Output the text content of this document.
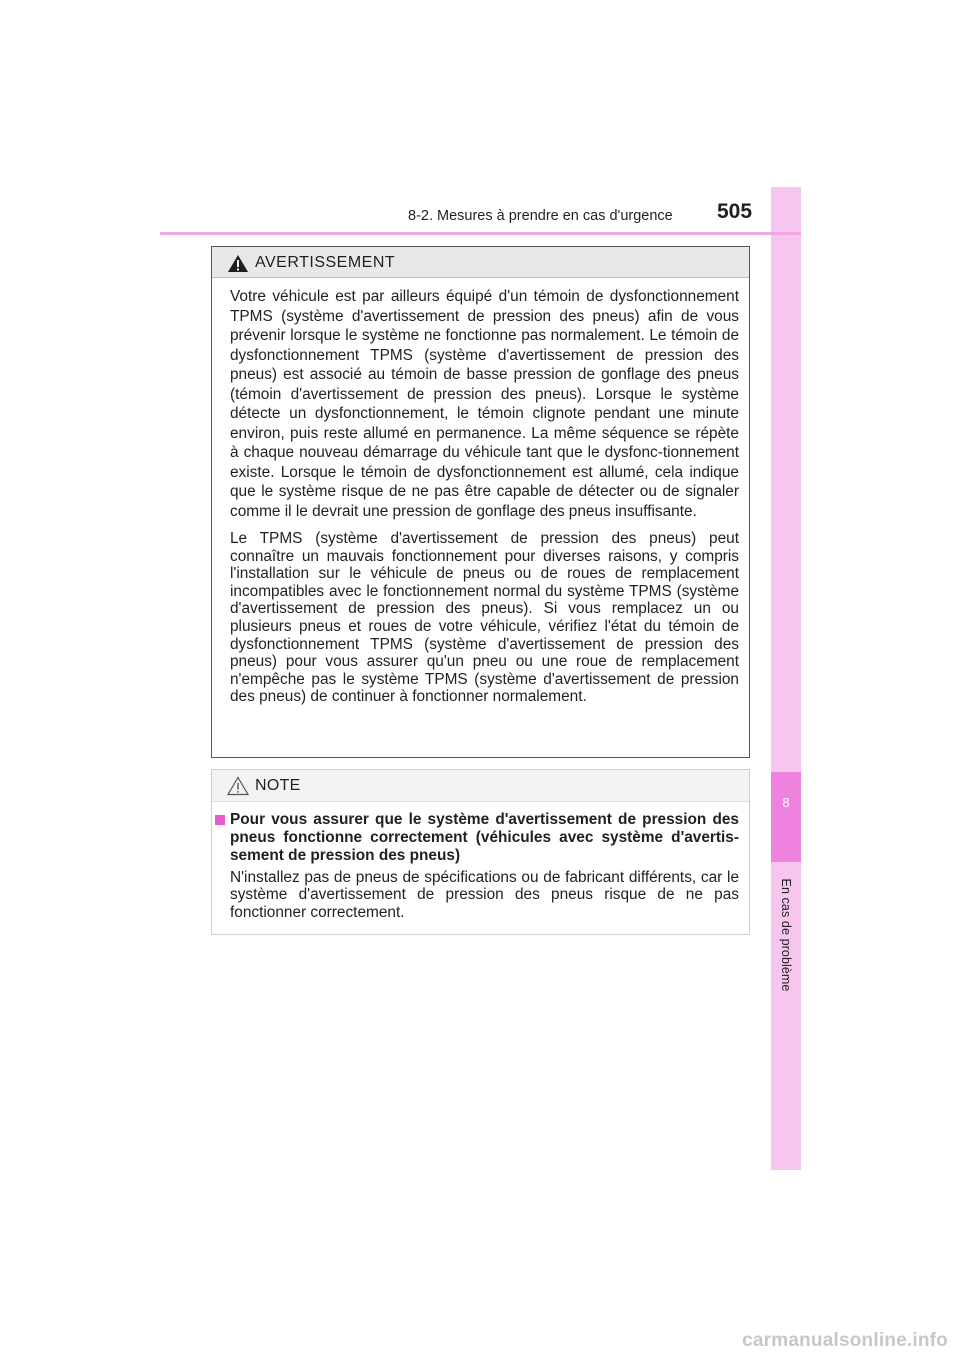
8
En cas de problème
8-2. Mesures à prendre en cas d'urgence 505
AVERTISSEMENT

Votre véhicule est par ailleurs équipé d'un témoin de dysfonctionnement TPMS (système d'avertissement de pression des pneus) afin de vous prévenir lorsque le système ne fonctionne pas normalement. Le témoin de dysfonctionnement TPMS (système d'avertissement de pression des pneus) est associé au témoin de basse pression de gonflage des pneus (témoin d'avertissement de pression des pneus). Lorsque le système détecte un dysfonctionnement, le témoin clignote pendant une minute environ, puis reste allumé en permanence. La même séquence se répète à chaque nouveau démarrage du véhicule tant que le dysfonc-tionnement existe. Lorsque le témoin de dysfonctionnement est allumé, cela indique que le système risque de ne pas être capable de détecter ou de signaler comme il le devrait une pression de gonflage des pneus insuffisante.

Le TPMS (système d'avertissement de pression des pneus) peut connaître un mauvais fonctionnement pour diverses raisons, y compris l'installation sur le véhicule de pneus ou de roues de remplacement incompatibles avec le fonctionnement normal du système TPMS (système d'avertissement de pression des pneus). Si vous remplacez un ou plusieurs pneus et roues de votre véhicule, vérifiez l'état du témoin de dysfonctionnement TPMS (système d'avertissement de pression des pneus) pour vous assurer qu'un pneu ou une roue de remplacement n'empêche pas le système TPMS (système d'avertissement de pression des pneus) de continuer à fonctionner normalement.

NOTE

Pour vous assurer que le système d'avertissement de pression des pneus fonctionne correctement (véhicules avec système d'avertis-sement de pression des pneus)

N'installez pas de pneus de spécifications ou de fabricant différents, car le système d'avertissement de pression des pneus risque de ne pas fonctionner correctement.

carmanualsonline.info
